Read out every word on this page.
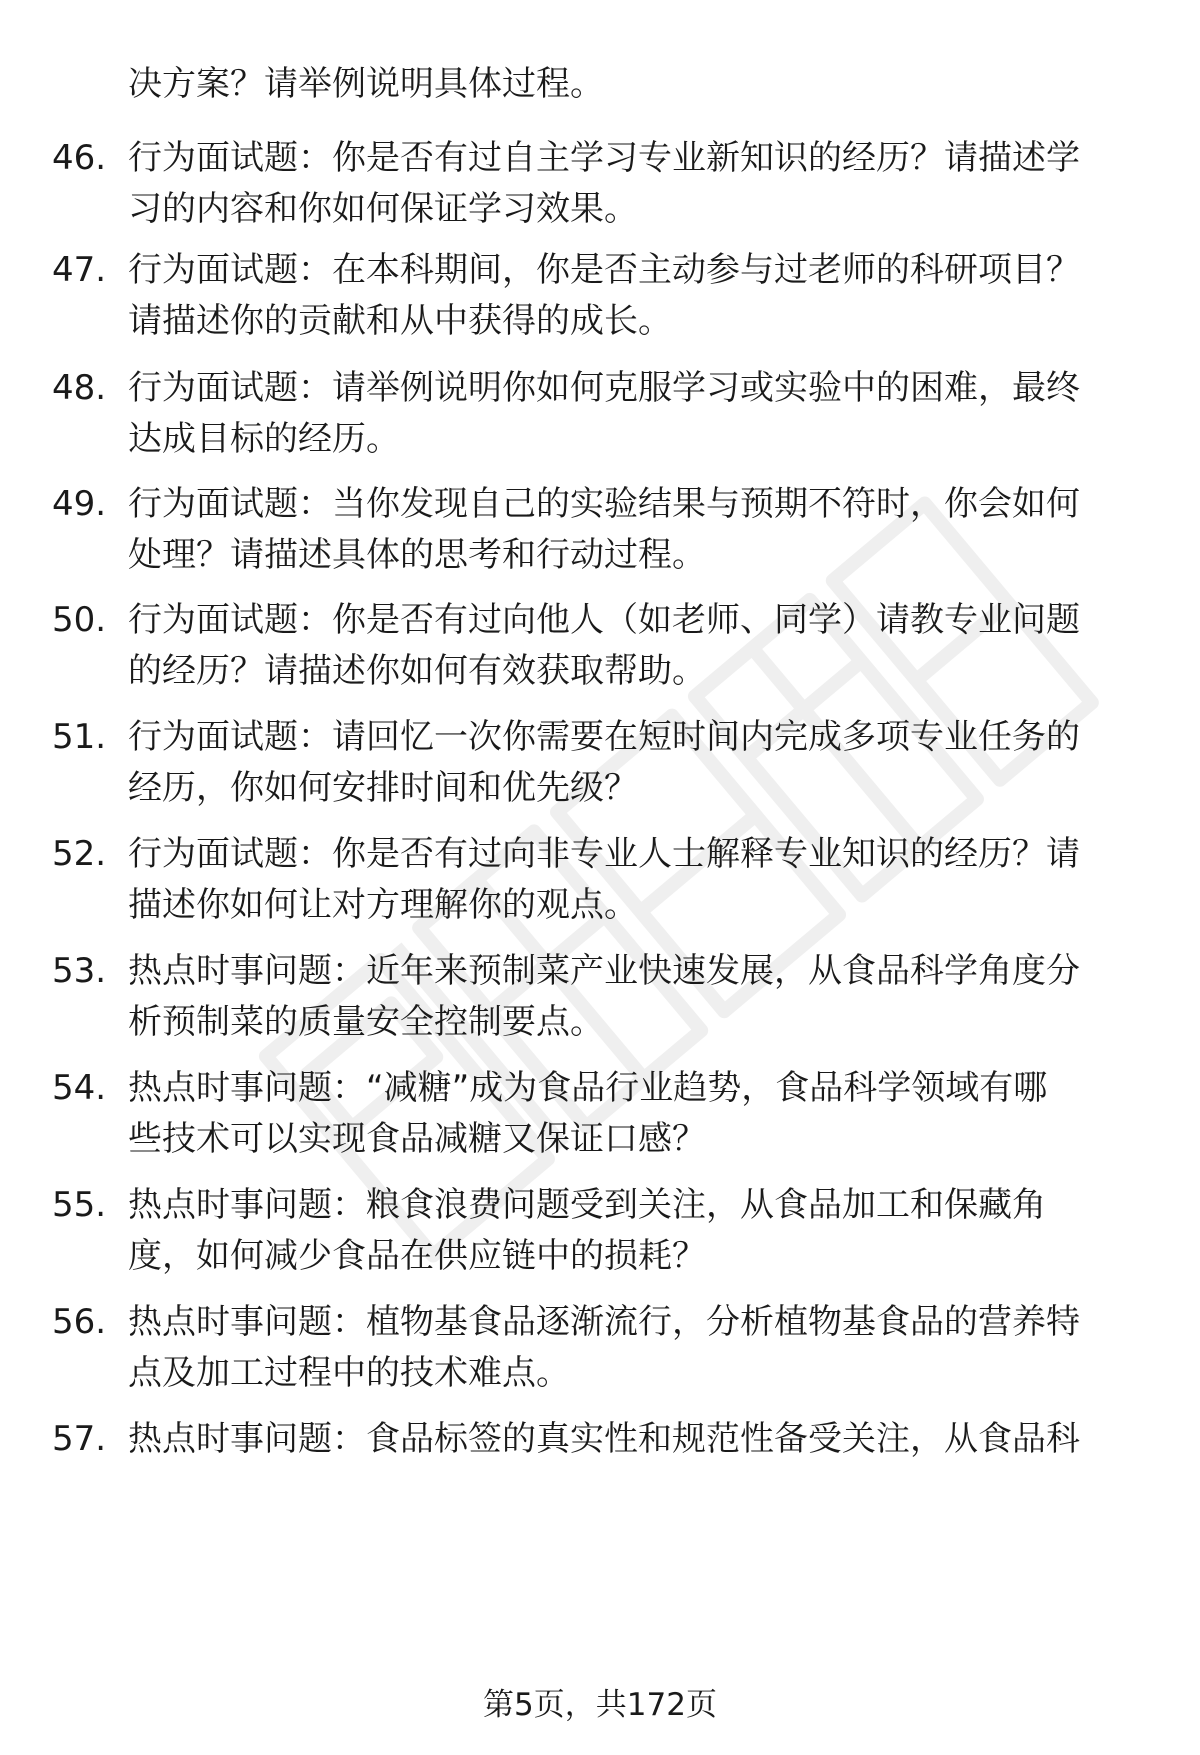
决方案？请举例说明具体过程。
46. 行为面试题：你是否有过自主学习专业新知识的经历？请描述学
习的内容和你如何保证学习效果。
47. 行为面试题：在本科期间，你是否主动参与过老师的科研项目？
请描述你的贡献和从中获得的成长。
48. 行为面试题：请举例说明你如何克服学习或实验中的困难，最终
达成目标的经历。
49. 行为面试题：当你发现自己的实验结果与预期不符时，你会如何
处理？请描述具体的思考和行动过程。
50. 行为面试题：你是否有过向他人（如老师、同学）请教专业问题
的经历？请描述你如何有效获取帮助。
51. 行为面试题：请回忆一次你需要在短时间内完成多项专业任务的
经历，你如何安排时间和优先级？
52. 行为面试题：你是否有过向非专业人士解释专业知识的经历？请
描述你如何让对方理解你的观点。
53. 热点时事问题：近年来预制菜产业快速发展，从食品科学角度分
析预制菜的质量安全控制要点。
54. 热点时事问题：“减糖”成为食品行业趋势，食品科学领域有哪
些技术可以实现食品减糖又保证口感？
55. 热点时事问题：粮食浪费问题受到关注，从食品加工和保藏角
度，如何减少食品在供应链中的损耗？
56. 热点时事问题：植物基食品逐渐流行，分析植物基食品的营养特
点及加工过程中的技术难点。
57. 热点时事问题：食品标签的真实性和规范性备受关注，从食品科
第5页，共172页
